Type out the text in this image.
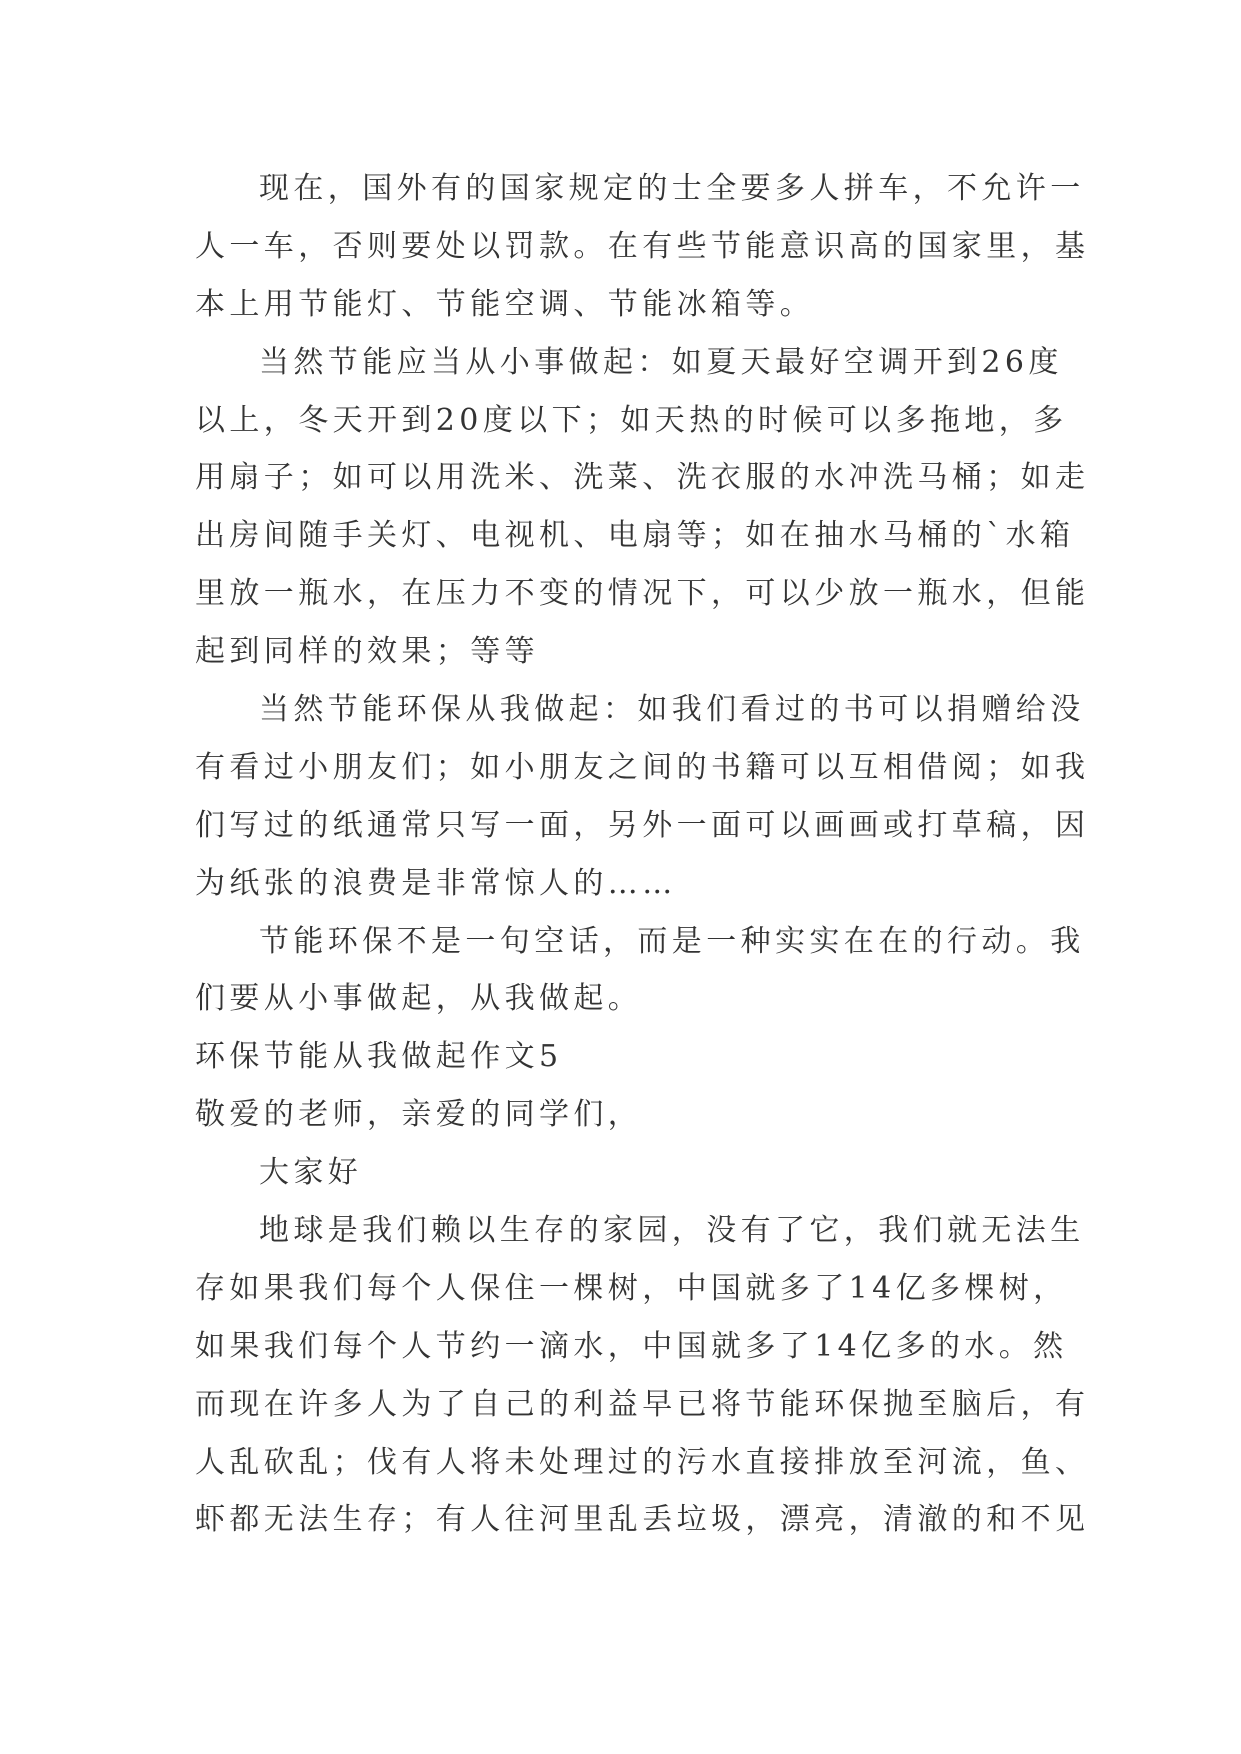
现在，国外有的国家规定的士全要多人拼车，不允许一
人一车，否则要处以罚款。在有些节能意识高的国家里，基
本上用节能灯、节能空调、节能冰箱等。
当然节能应当从小事做起：如夏天最好空调开到26度
以上，冬天开到20度以下；如天热的时候可以多拖地，多
用扇子；如可以用洗米、洗菜、洗衣服的水冲洗马桶；如走
出房间随手关灯、电视机、电扇等；如在抽水马桶的`水箱
里放一瓶水，在压力不变的情况下，可以少放一瓶水，但能
起到同样的效果；等等
当然节能环保从我做起：如我们看过的书可以捐赠给没
有看过小朋友们；如小朋友之间的书籍可以互相借阅；如我
们写过的纸通常只写一面，另外一面可以画画或打草稿，因
为纸张的浪费是非常惊人的……
节能环保不是一句空话，而是一种实实在在的行动。我
们要从小事做起，从我做起。
环保节能从我做起作文5
敬爱的老师，亲爱的同学们，
大家好
地球是我们赖以生存的家园，没有了它，我们就无法生
存如果我们每个人保住一棵树，中国就多了14亿多棵树，
如果我们每个人节约一滴水，中国就多了14亿多的水。然
而现在许多人为了自己的利益早已将节能环保抛至脑后，有
人乱砍乱；伐有人将未处理过的污水直接排放至河流，鱼、
虾都无法生存；有人往河里乱丢垃圾，漂亮，清澈的和不见
